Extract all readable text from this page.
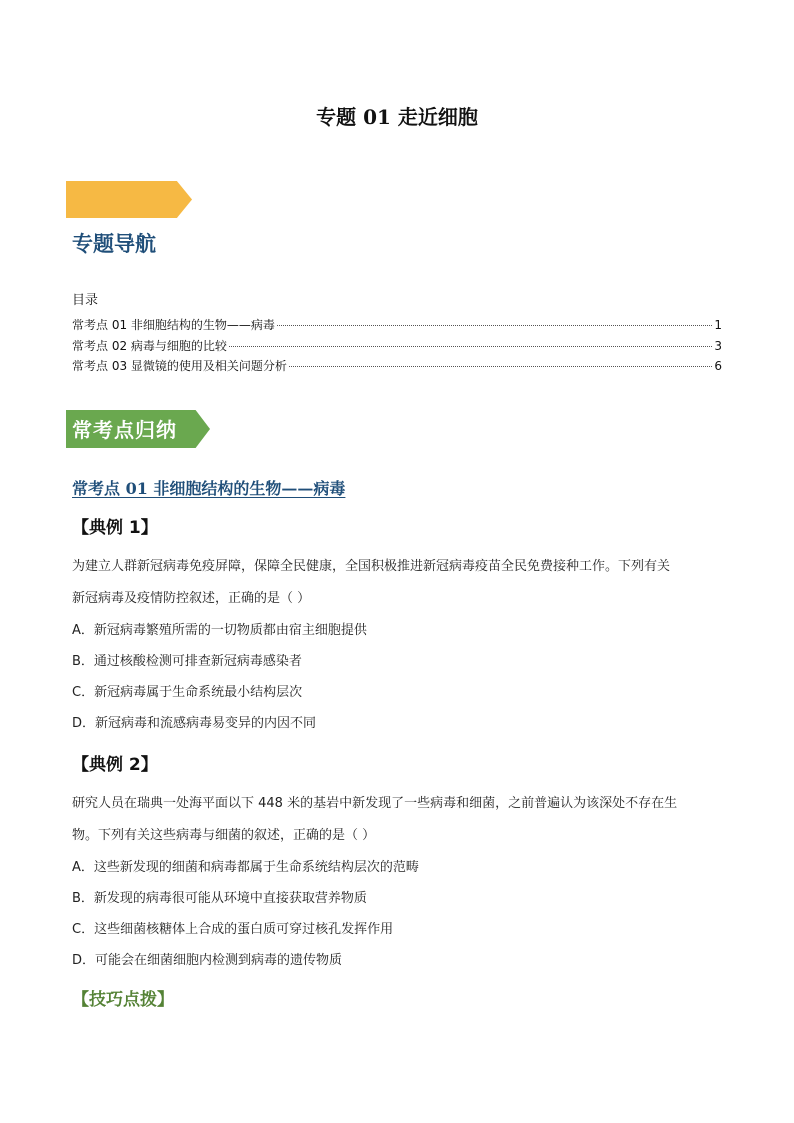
专题 01 走近细胞
专题导航
目录
常考点 01 非细胞结构的生物——病毒	1
常考点 02 病毒与细胞的比较	3
常考点 03 显微镜的使用及相关问题分析	6
常考点归纳
常考点 01 非细胞结构的生物——病毒
【典例 1】
为建立人群新冠病毒免疫屏障，保障全民健康，全国积极推进新冠病毒疫苗全民免费接种工作。下列有关
新冠病毒及疫情防控叙述，正确的是（ ）
A．新冠病毒繁殖所需的一切物质都由宿主细胞提供
B．通过核酸检测可排查新冠病毒感染者
C．新冠病毒属于生命系统最小结构层次
D．新冠病毒和流感病毒易变异的内因不同
【典例 2】
研究人员在瑞典一处海平面以下 448 米的基岩中新发现了一些病毒和细菌，之前普遍认为该深处不存在生
物。下列有关这些病毒与细菌的叙述，正确的是（ ）
A．这些新发现的细菌和病毒都属于生命系统结构层次的范畴
B．新发现的病毒很可能从环境中直接获取营养物质
C．这些细菌核糖体上合成的蛋白质可穿过核孔发挥作用
D．可能会在细菌细胞内检测到病毒的遗传物质
【技巧点拨】
